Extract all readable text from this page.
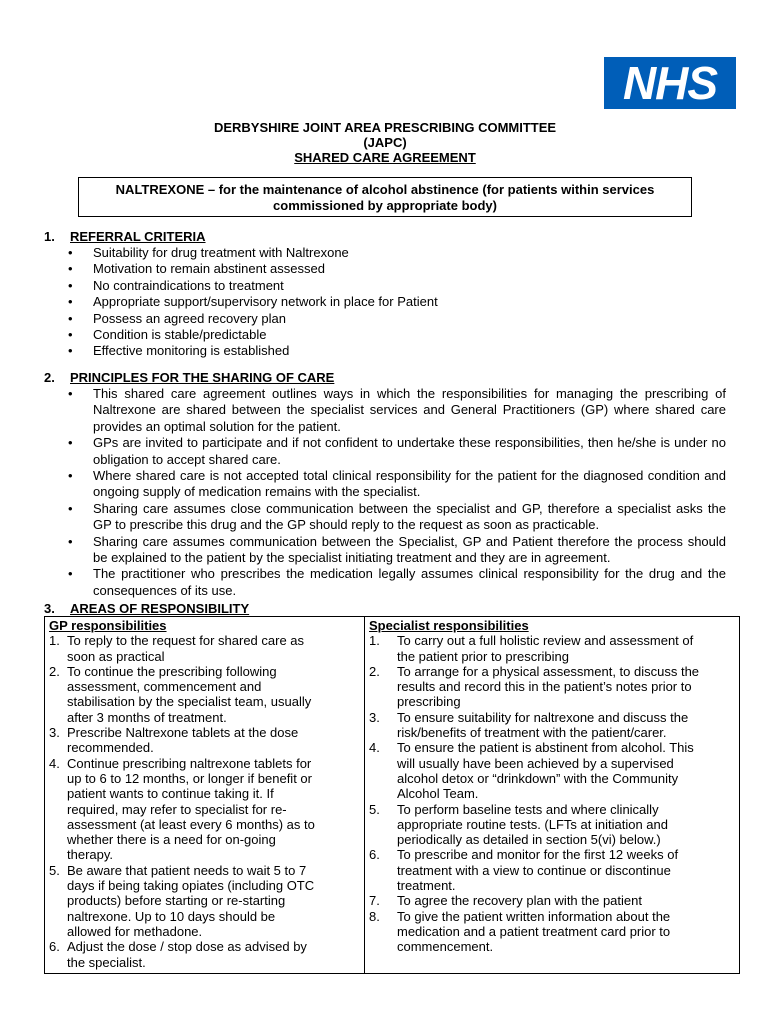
NHS
DERBYSHIRE JOINT AREA PRESCRIBING COMMITTEE
(JAPC)
SHARED CARE AGREEMENT
NALTREXONE – for the maintenance of alcohol abstinence (for patients within services
commissioned by appropriate body)
1. REFERRAL CRITERIA
• Suitability for drug treatment with Naltrexone
• Motivation to remain abstinent assessed
• No contraindications to treatment
• Appropriate support/supervisory network in place for Patient
• Possess an agreed recovery plan
• Condition is stable/predictable
• Effective monitoring is established
2. PRINCIPLES FOR THE SHARING OF CARE
• This shared care agreement outlines ways in which the responsibilities for managing the prescribing of Naltrexone are shared between the specialist services and General Practitioners (GP) where shared care provides an optimal solution for the patient.
• GPs are invited to participate and if not confident to undertake these responsibilities, then he/she is under no obligation to accept shared care.
• Where shared care is not accepted total clinical responsibility for the patient for the diagnosed condition and ongoing supply of medication remains with the specialist.
• Sharing care assumes close communication between the specialist and GP, therefore a specialist asks the GP to prescribe this drug and the GP should reply to the request as soon as practicable.
• Sharing care assumes communication between the Specialist, GP and Patient therefore the process should be explained to the patient by the specialist initiating treatment and they are in agreement.
• The practitioner who prescribes the medication legally assumes clinical responsibility for the drug and the consequences of its use.
3. AREAS OF RESPONSIBILITY
GP responsibilities
1. To reply to the request for shared care as
soon as practical
2. To continue the prescribing following
assessment, commencement and
stabilisation by the specialist team, usually
after 3 months of treatment.
3. Prescribe Naltrexone tablets at the dose
recommended.
4. Continue prescribing naltrexone tablets for
up to 6 to 12 months, or longer if benefit or
patient wants to continue taking it. If
required, may refer to specialist for re-
assessment (at least every 6 months) as to
whether there is a need for on-going
therapy.
5. Be aware that patient needs to wait 5 to 7
days if being taking opiates (including OTC
products) before starting or re-starting
naltrexone. Up to 10 days should be
allowed for methadone.
6. Adjust the dose / stop dose as advised by
the specialist.
Specialist responsibilities
1. To carry out a full holistic review and assessment of
the patient prior to prescribing
2. To arrange for a physical assessment, to discuss the
results and record this in the patient’s notes prior to
prescribing
3. To ensure suitability for naltrexone and discuss the
risk/benefits of treatment with the patient/carer.
4. To ensure the patient is abstinent from alcohol. This
will usually have been achieved by a supervised
alcohol detox or “drinkdown” with the Community
Alcohol Team.
5. To perform baseline tests and where clinically
appropriate routine tests. (LFTs at initiation and
periodically as detailed in section 5(vi) below.)
6. To prescribe and monitor for the first 12 weeks of
treatment with a view to continue or discontinue
treatment.
7. To agree the recovery plan with the patient
8. To give the patient written information about the
medication and a patient treatment card prior to
commencement.
